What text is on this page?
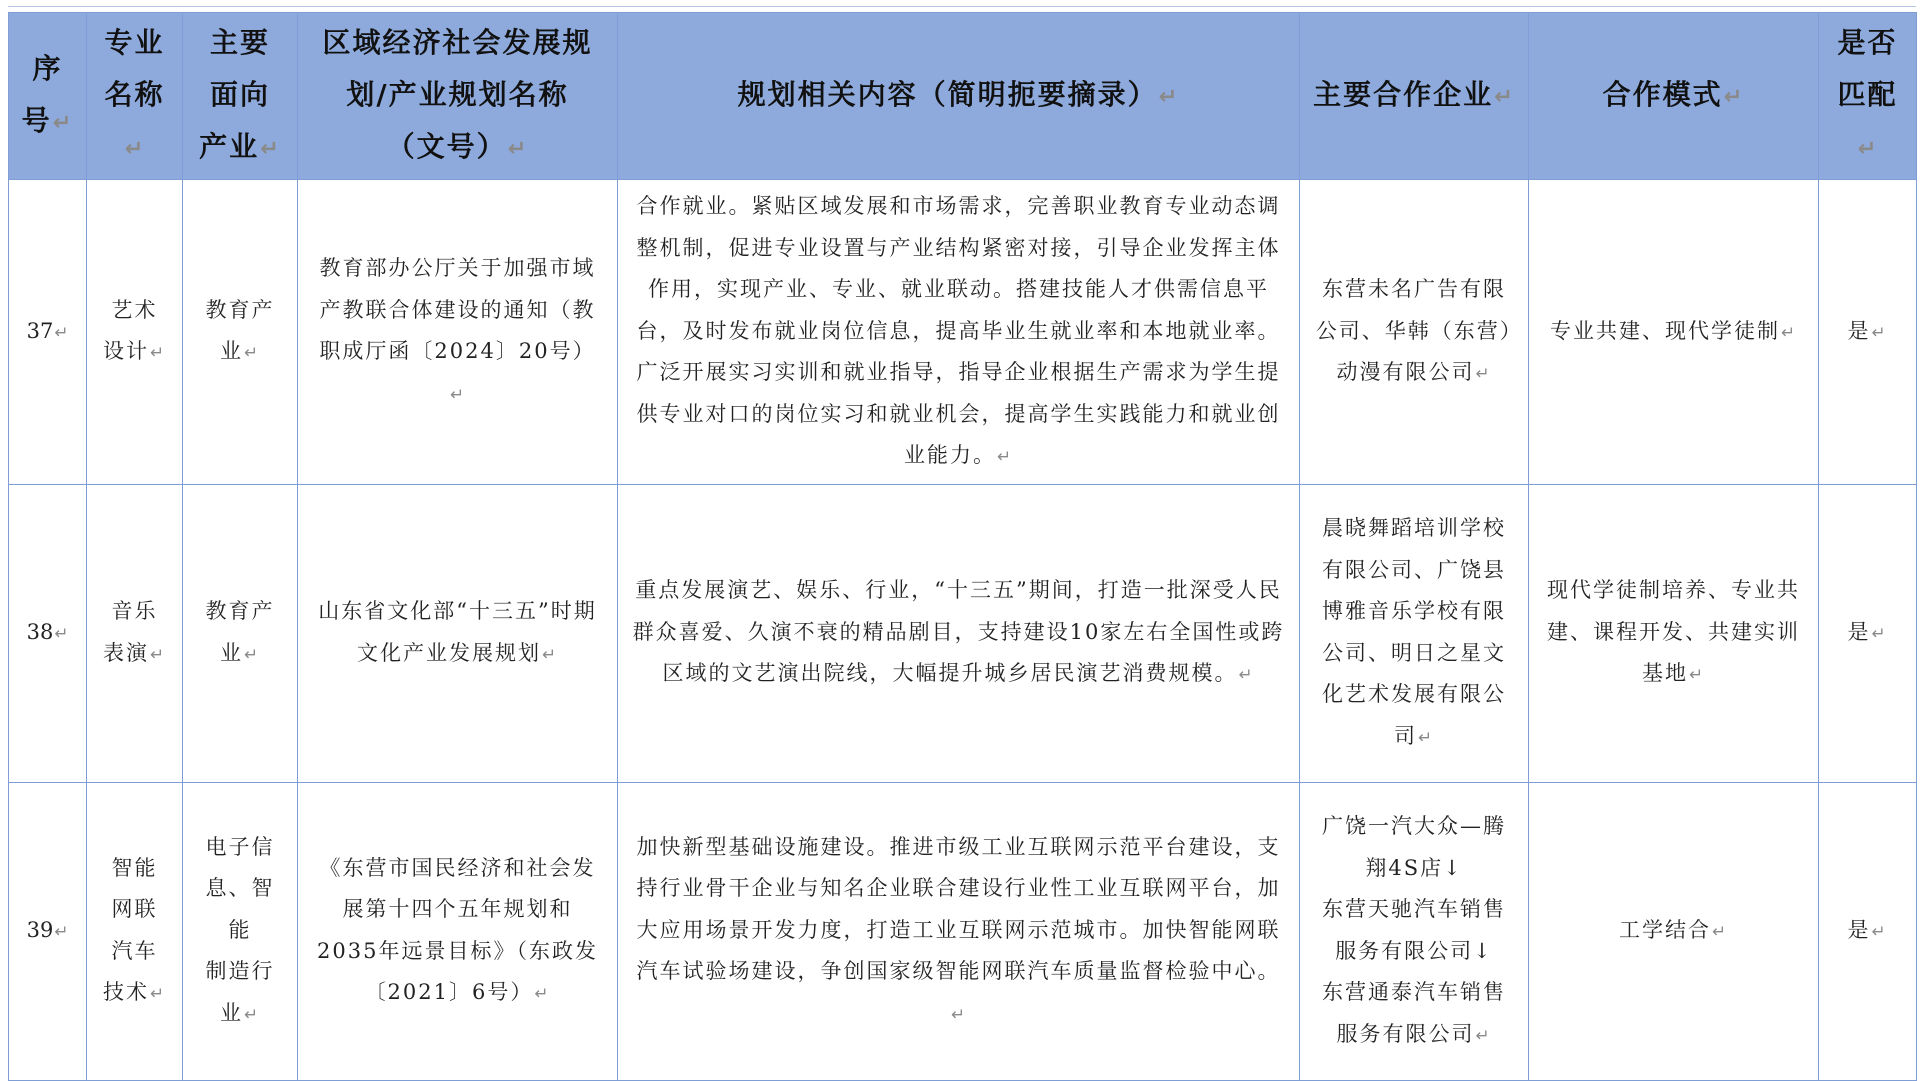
序
号↵	专业
名称↵	主要
面向
产业↵	区域经济社会发展规
划/产业规划名称
（文号）↵	规划相关内容（简明扼要摘录）↵	主要合作企业↵	合作模式↵	是否
匹配↵
37↵	艺术
设计↵	教育产
业↵	教育部办公厅关于加强市域产教联合体建设的通知（教职成厅函〔2024〕20号）↵	合作就业。紧贴区域发展和市场需求，完善职业教育专业动态调整机制，促进专业设置与产业结构紧密对接，引导企业发挥主体作用，实现产业、专业、就业联动。搭建技能人才供需信息平台，及时发布就业岗位信息，提高毕业生就业率和本地就业率。广泛开展实习实训和就业指导，指导企业根据生产需求为学生提供专业对口的岗位实习和就业机会，提高学生实践能力和就业创业能力。↵	东营未名广告有限公司、华韩（东营）动漫有限公司↵	专业共建、现代学徒制↵	是↵
38↵	音乐
表演↵	教育产
业↵	山东省文化部“十三五”时期文化产业发展规划↵	重点发展演艺、娱乐、行业，“十三五”期间，打造一批深受人民群众喜爱、久演不衰的精品剧目，支持建设10家左右全国性或跨区域的文艺演出院线，大幅提升城乡居民演艺消费规模。↵	晨晓舞蹈培训学校有限公司、广饶县博雅音乐学校有限公司、明日之星文化艺术发展有限公司↵	现代学徒制培养、专业共建、课程开发、共建实训基地↵	是↵
39↵	智能
网联
汽车
技术↵	电子信
息、智能
制造行
业↵	《东营市国民经济和社会发展第十四个五年规划和2035年远景目标》（东政发〔2021〕6号）↵	加快新型基础设施建设。推进市级工业互联网示范平台建设，支持行业骨干企业与知名企业联合建设行业性工业互联网平台，加大应用场景开发力度，打造工业互联网示范城市。加快智能网联汽车试验场建设，争创国家级智能网联汽车质量监督检验中心。↵	广饶一汽大众—腾翔4S店↓
东营天驰汽车销售服务有限公司↓
东营通泰汽车销售服务有限公司↵	工学结合↵	是↵
